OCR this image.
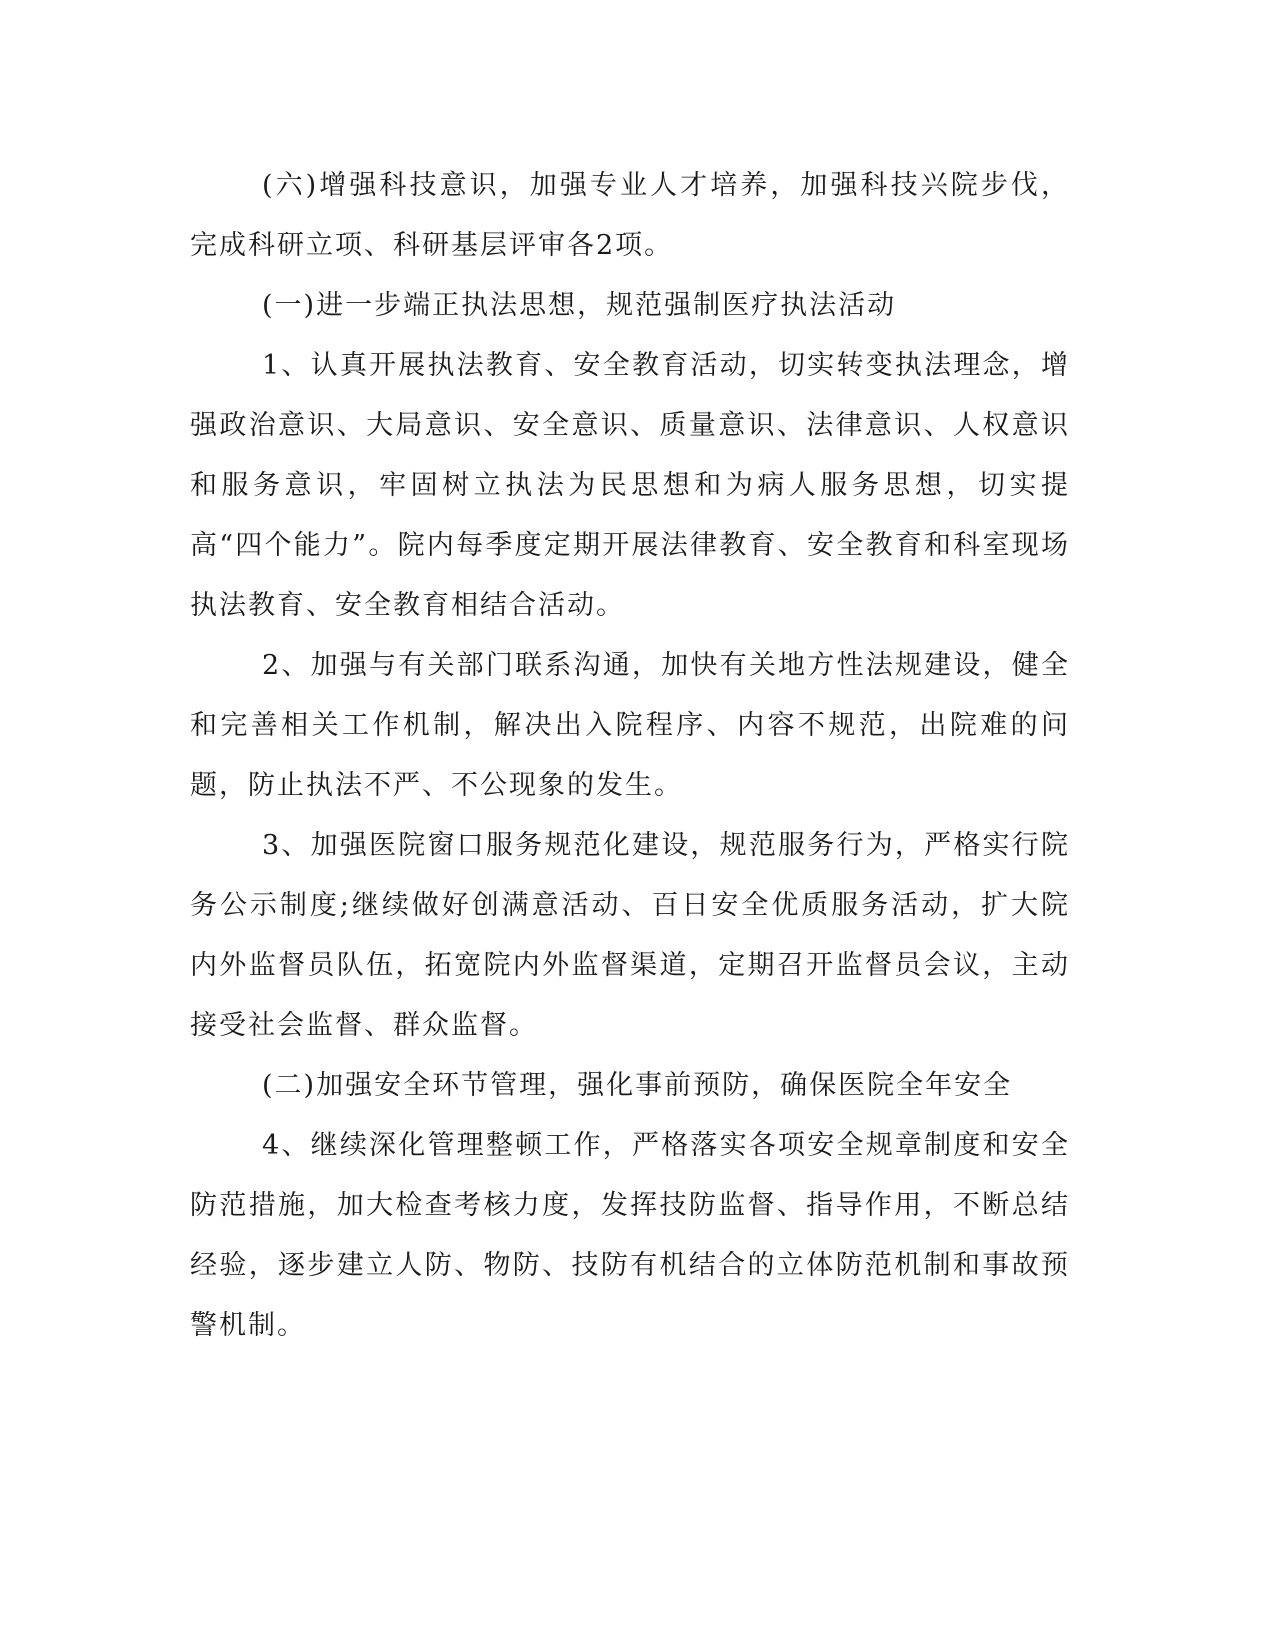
(六)增强科技意识，加强专业人才培养，加强科技兴院步伐，完成科研立项、科研基层评审各2项。

(一)进一步端正执法思想，规范强制医疗执法活动

1、认真开展执法教育、安全教育活动，切实转变执法理念，增强政治意识、大局意识、安全意识、质量意识、法律意识、人权意识和服务意识，牢固树立执法为民思想和为病人服务思想，切实提高“四个能力”。院内每季度定期开展法律教育、安全教育和科室现场执法教育、安全教育相结合活动。

2、加强与有关部门联系沟通，加快有关地方性法规建设，健全和完善相关工作机制，解决出入院程序、内容不规范，出院难的问题，防止执法不严、不公现象的发生。

3、加强医院窗口服务规范化建设，规范服务行为，严格实行院务公示制度;继续做好创满意活动、百日安全优质服务活动，扩大院内外监督员队伍，拓宽院内外监督渠道，定期召开监督员会议，主动接受社会监督、群众监督。

(二)加强安全环节管理，强化事前预防，确保医院全年安全

4、继续深化管理整顿工作，严格落实各项安全规章制度和安全防范措施，加大检查考核力度，发挥技防监督、指导作用，不断总结经验，逐步建立人防、物防、技防有机结合的立体防范机制和事故预警机制。
